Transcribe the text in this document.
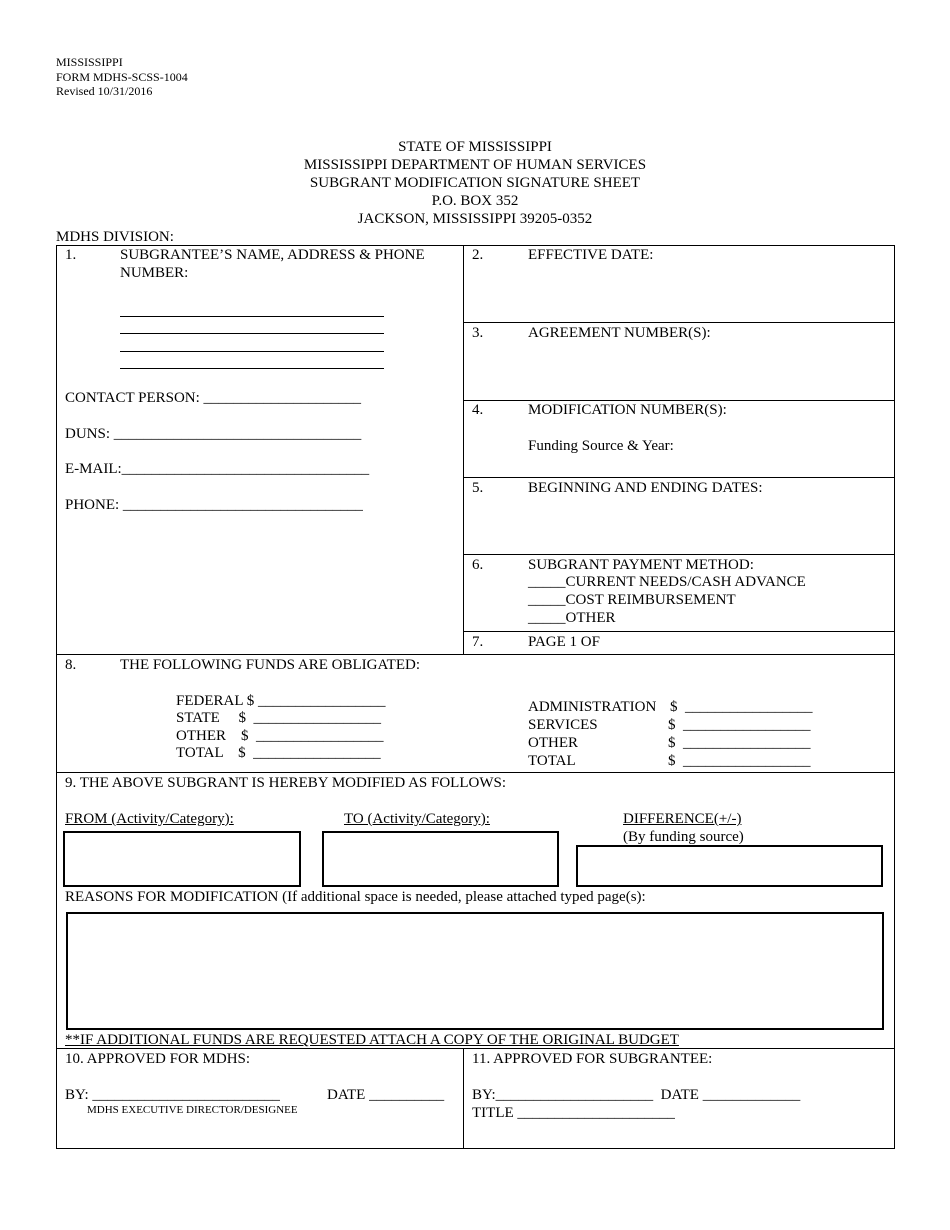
MISSISSIPPI
FORM MDHS-SCSS-1004
Revised 10/31/2016
STATE OF MISSISSIPPI
MISSISSIPPI DEPARTMENT OF HUMAN SERVICES
SUBGRANT MODIFICATION SIGNATURE SHEET
P.O. BOX 352
JACKSON, MISSISSIPPI 39205-0352
MDHS DIVISION:
1.	SUBGRANTEE’S NAME, ADDRESS & PHONE
NUMBER:
CONTACT PERSON: _____________________
DUNS: _________________________________
E-MAIL:_________________________________
PHONE: ________________________________
2.	EFFECTIVE DATE:
3.	AGREEMENT NUMBER(S):
4.	MODIFICATION NUMBER(S):
Funding Source & Year:
5.	BEGINNING AND ENDING DATES:
6.	SUBGRANT PAYMENT METHOD:
_____CURRENT NEEDS/CASH ADVANCE
_____COST REIMBURSEMENT
_____OTHER
7.	PAGE 1 OF
8.	THE FOLLOWING FUNDS ARE OBLIGATED:
FEDERAL $ _________________
STATE     $  _________________
OTHER    $  _________________
TOTAL    $  _________________
ADMINISTRATION $  _________________
SERVICES	$  _________________
OTHER	$  _________________
TOTAL	$  _________________
9. THE ABOVE SUBGRANT IS HEREBY MODIFIED AS FOLLOWS:
FROM (Activity/Category):	TO (Activity/Category):	DIFFERENCE(+/-)
(By funding source)
REASONS FOR MODIFICATION (If additional space is needed, please attached typed page(s):
**IF ADDITIONAL FUNDS ARE REQUESTED ATTACH A COPY OF THE ORIGINAL BUDGET
10. APPROVED FOR MDHS:
BY: _________________________	DATE __________
MDHS EXECUTIVE DIRECTOR/DESIGNEE
11. APPROVED FOR SUBGRANTEE:
BY:_____________________  DATE _____________
TITLE _____________________
